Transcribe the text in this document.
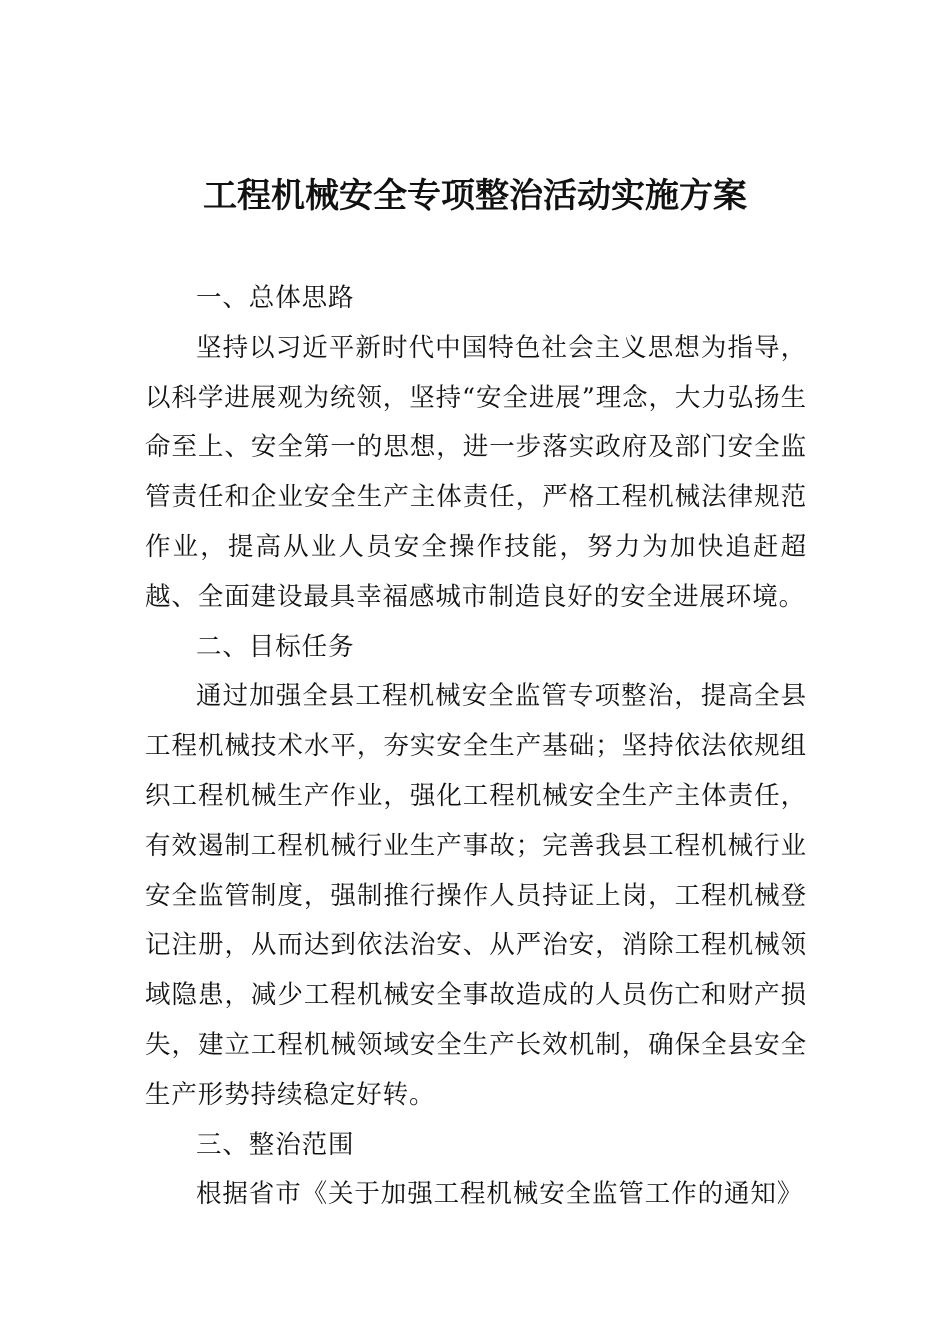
工程机械安全专项整治活动实施方案

一、总体思路

坚持以习近平新时代中国特色社会主义思想为指导，以科学进展观为统领，坚持“安全进展”理念，大力弘扬生命至上、安全第一的思想，进一步落实政府及部门安全监管责任和企业安全生产主体责任，严格工程机械法律规范作业，提高从业人员安全操作技能，努力为加快追赶超越、全面建设最具幸福感城市制造良好的安全进展环境。

二、目标任务

通过加强全县工程机械安全监管专项整治，提高全县工程机械技术水平，夯实安全生产基础；坚持依法依规组织工程机械生产作业，强化工程机械安全生产主体责任，有效遏制工程机械行业生产事故；完善我县工程机械行业安全监管制度，强制推行操作人员持证上岗，工程机械登记注册，从而达到依法治安、从严治安，消除工程机械领域隐患，减少工程机械安全事故造成的人员伤亡和财产损失，建立工程机械领域安全生产长效机制，确保全县安全生产形势持续稳定好转。

三、整治范围

根据省市《关于加强工程机械安全监管工作的通知》
